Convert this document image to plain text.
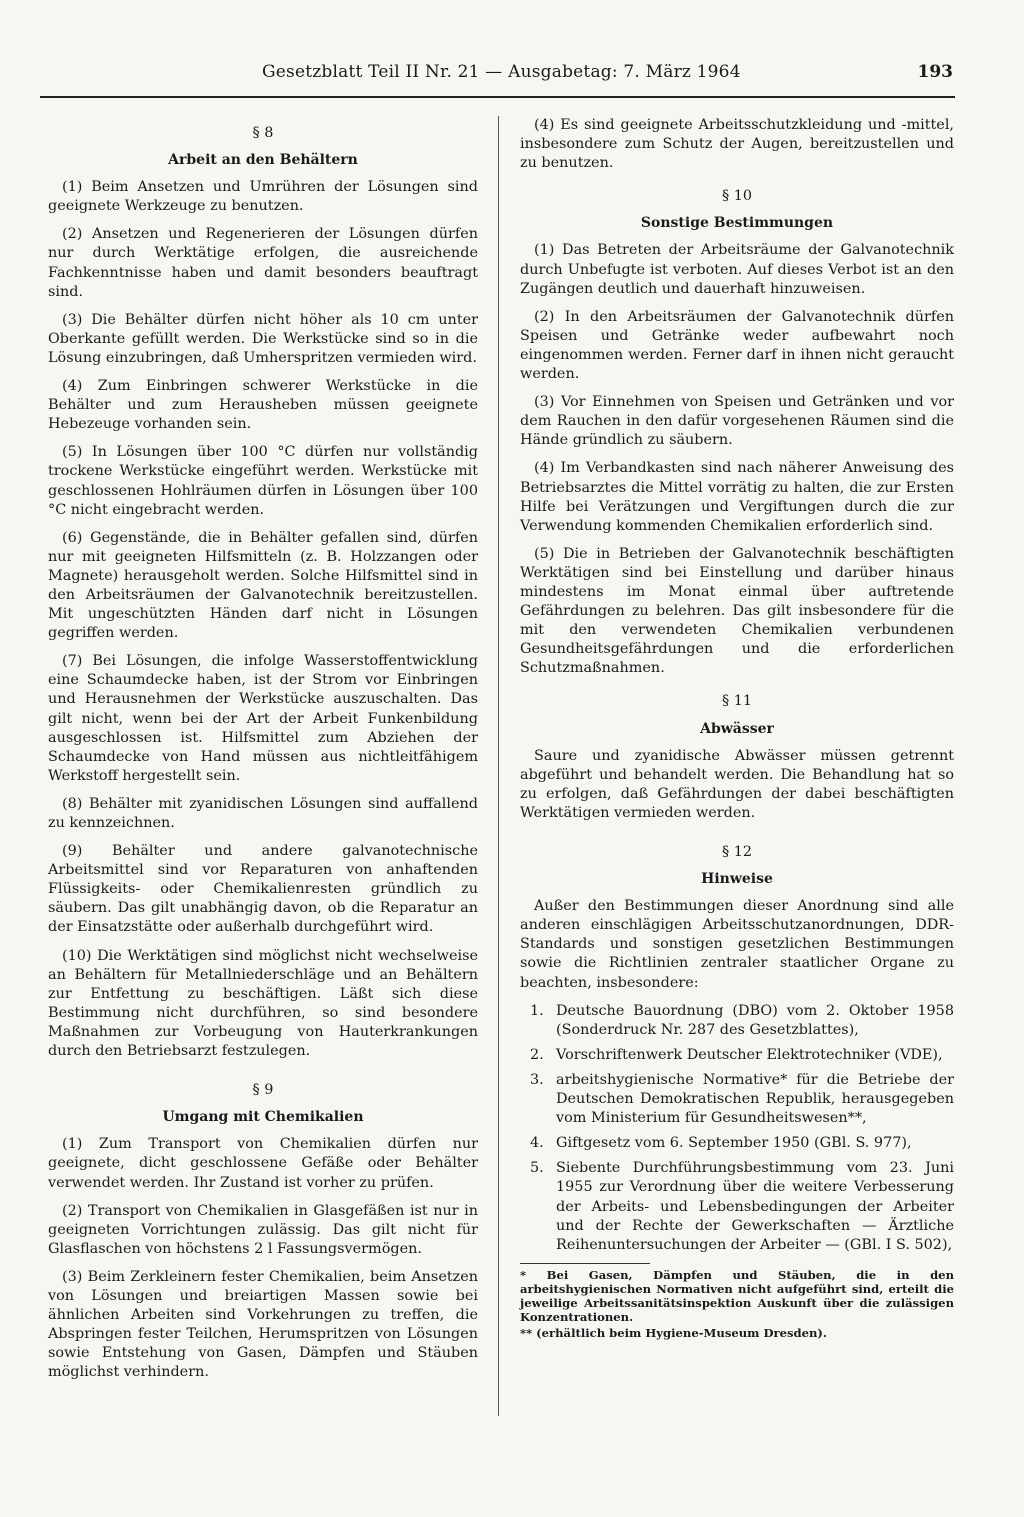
Gesetzblatt Teil II Nr. 21 — Ausgabetag: 7. März 1964	193

§ 8

Arbeit an den Behältern

(1) Beim Ansetzen und Umrühren der Lösungen sind geeignete Werkzeuge zu benutzen.

(2) Ansetzen und Regenerieren der Lösungen dürfen nur durch Werktätige erfolgen, die ausreichende Fachkenntnisse haben und damit besonders beauftragt sind.

(3) Die Behälter dürfen nicht höher als 10 cm unter Oberkante gefüllt werden. Die Werkstücke sind so in die Lösung einzubringen, daß Umherspritzen vermieden wird.

(4) Zum Einbringen schwerer Werkstücke in die Behälter und zum Herausheben müssen geeignete Hebezeuge vorhanden sein.

(5) In Lösungen über 100 °C dürfen nur vollständig trockene Werkstücke eingeführt werden. Werkstücke mit geschlossenen Hohlräumen dürfen in Lösungen über 100 °C nicht eingebracht werden.

(6) Gegenstände, die in Behälter gefallen sind, dürfen nur mit geeigneten Hilfsmitteln (z. B. Holzzangen oder Magnete) herausgeholt werden. Solche Hilfsmittel sind in den Arbeitsräumen der Galvanotechnik bereitzustellen. Mit ungeschützten Händen darf nicht in Lösungen gegriffen werden.

(7) Bei Lösungen, die infolge Wasserstoffentwicklung eine Schaumdecke haben, ist der Strom vor Einbringen und Herausnehmen der Werkstücke auszuschalten. Das gilt nicht, wenn bei der Art der Arbeit Funkenbildung ausgeschlossen ist. Hilfsmittel zum Abziehen der Schaumdecke von Hand müssen aus nichtleitfähigem Werkstoff hergestellt sein.

(8) Behälter mit zyanidischen Lösungen sind auffallend zu kennzeichnen.

(9) Behälter und andere galvanotechnische Arbeitsmittel sind vor Reparaturen von anhaftenden Flüssigkeits- oder Chemikalienresten gründlich zu säubern. Das gilt unabhängig davon, ob die Reparatur an der Einsatzstätte oder außerhalb durchgeführt wird.

(10) Die Werktätigen sind möglichst nicht wechselweise an Behältern für Metallniederschläge und an Behältern zur Entfettung zu beschäftigen. Läßt sich diese Bestimmung nicht durchführen, so sind besondere Maßnahmen zur Vorbeugung von Hauterkrankungen durch den Betriebsarzt festzulegen.

§ 9

Umgang mit Chemikalien

(1) Zum Transport von Chemikalien dürfen nur geeignete, dicht geschlossene Gefäße oder Behälter verwendet werden. Ihr Zustand ist vorher zu prüfen.

(2) Transport von Chemikalien in Glasgefäßen ist nur in geeigneten Vorrichtungen zulässig. Das gilt nicht für Glasflaschen von höchstens 2 l Fassungsvermögen.

(3) Beim Zerkleinern fester Chemikalien, beim Ansetzen von Lösungen und breiartigen Massen sowie bei ähnlichen Arbeiten sind Vorkehrungen zu treffen, die Abspringen fester Teilchen, Herumspritzen von Lösungen sowie Entstehung von Gasen, Dämpfen und Stäuben möglichst verhindern.

(4) Es sind geeignete Arbeitsschutzkleidung und -mittel, insbesondere zum Schutz der Augen, bereitzustellen und zu benutzen.

§ 10

Sonstige Bestimmungen

(1) Das Betreten der Arbeitsräume der Galvanotechnik durch Unbefugte ist verboten. Auf dieses Verbot ist an den Zugängen deutlich und dauerhaft hinzuweisen.

(2) In den Arbeitsräumen der Galvanotechnik dürfen Speisen und Getränke weder aufbewahrt noch eingenommen werden. Ferner darf in ihnen nicht geraucht werden.

(3) Vor Einnehmen von Speisen und Getränken und vor dem Rauchen in den dafür vorgesehenen Räumen sind die Hände gründlich zu säubern.

(4) Im Verbandkasten sind nach näherer Anweisung des Betriebsarztes die Mittel vorrätig zu halten, die zur Ersten Hilfe bei Verätzungen und Vergiftungen durch die zur Verwendung kommenden Chemikalien erforderlich sind.

(5) Die in Betrieben der Galvanotechnik beschäftigten Werktätigen sind bei Einstellung und darüber hinaus mindestens im Monat einmal über auftretende Gefährdungen zu belehren. Das gilt insbesondere für die mit den verwendeten Chemikalien verbundenen Gesundheitsgefährdungen und die erforderlichen Schutzmaßnahmen.

§ 11

Abwässer

Saure und zyanidische Abwässer müssen getrennt abgeführt und behandelt werden. Die Behandlung hat so zu erfolgen, daß Gefährdungen der dabei beschäftigten Werktätigen vermieden werden.

§ 12

Hinweise

Außer den Bestimmungen dieser Anordnung sind alle anderen einschlägigen Arbeitsschutzanordnungen, DDR-Standards und sonstigen gesetzlichen Bestimmungen sowie die Richtlinien zentraler staatlicher Organe zu beachten, insbesondere:

1. Deutsche Bauordnung (DBO) vom 2. Oktober 1958 (Sonderdruck Nr. 287 des Gesetzblattes),
2. Vorschriftenwerk Deutscher Elektrotechniker (VDE),
3. arbeitshygienische Normative* für die Betriebe der Deutschen Demokratischen Republik, herausgegeben vom Ministerium für Gesundheitswesen**,
4. Giftgesetz vom 6. September 1950 (GBl. S. 977),
5. Siebente Durchführungsbestimmung vom 23. Juni 1955 zur Verordnung über die weitere Verbesserung der Arbeits- und Lebensbedingungen der Arbeiter und der Rechte der Gewerkschaften — Ärztliche Reihenuntersuchungen der Arbeiter — (GBl. I S. 502),

* Bei Gasen, Dämpfen und Stäuben, die in den arbeitshygienischen Normativen nicht aufgeführt sind, erteilt die jeweilige Arbeitssanitätsinspektion Auskunft über die zulässigen Konzentrationen.

** (erhältlich beim Hygiene-Museum Dresden).
